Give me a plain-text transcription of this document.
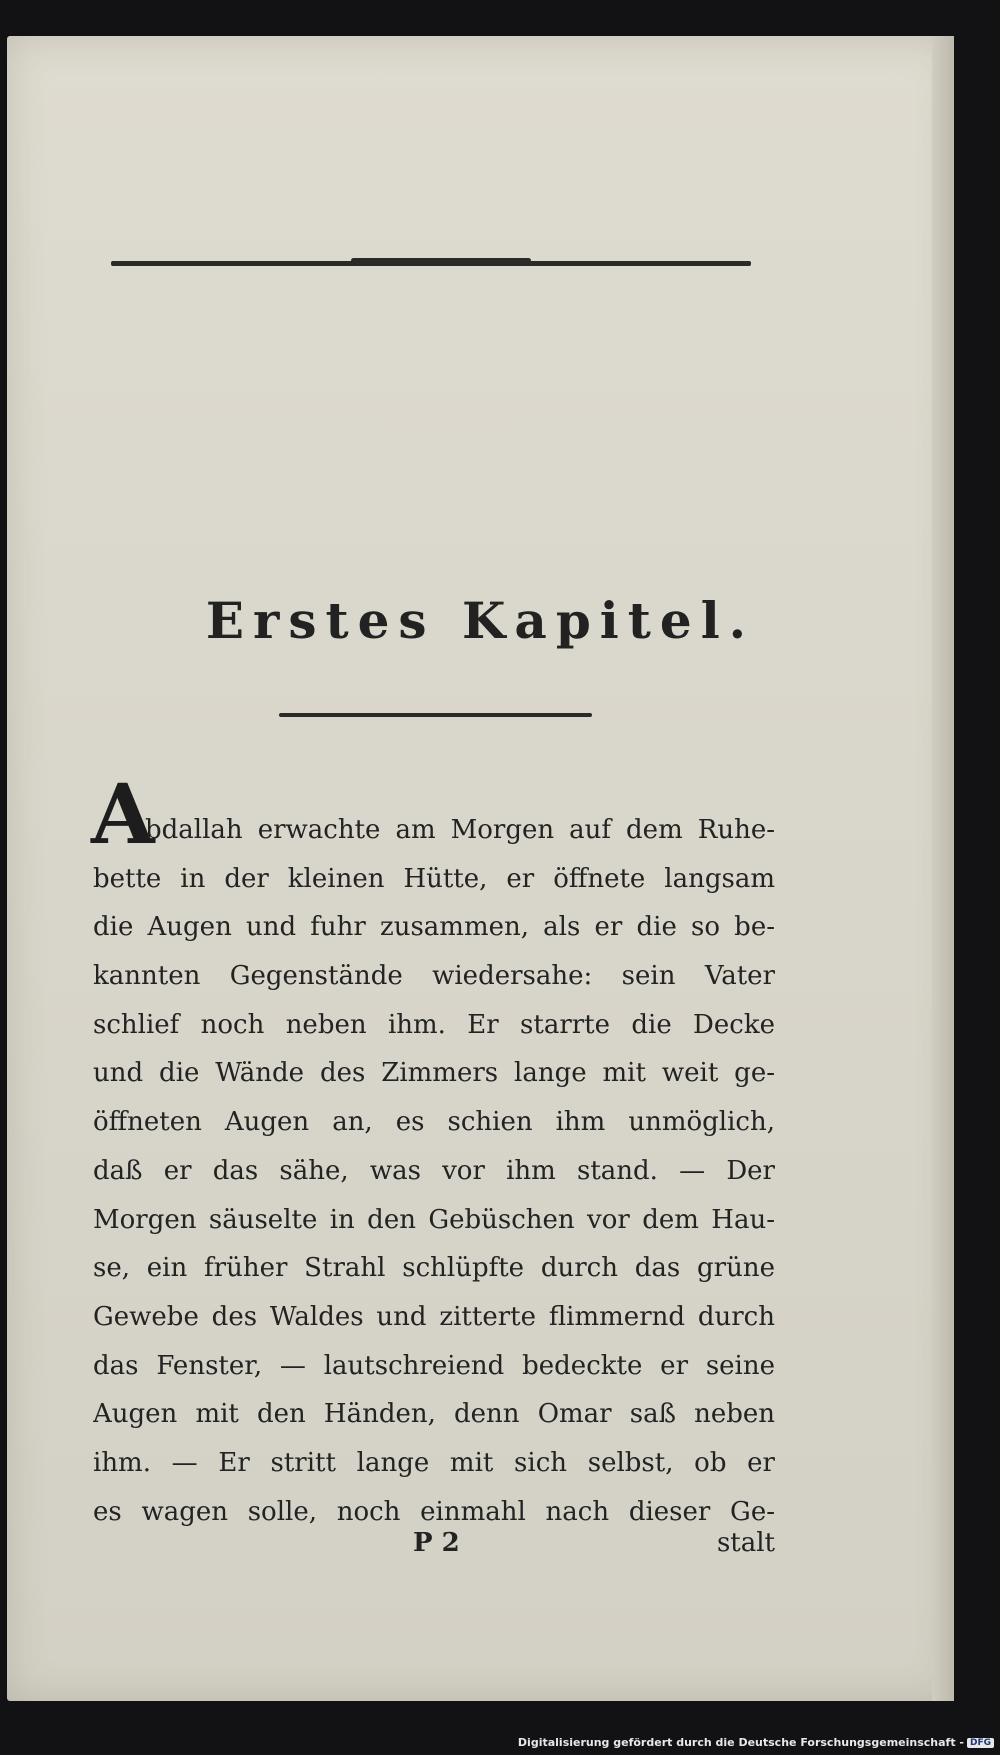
Erstes Kapitel.
A
bdallah erwachte am Morgen auf dem Ruhe-
bette in der kleinen Hütte, er öffnete langsam
die Augen und fuhr zusammen, als er die so be-
kannten Gegenstände wiedersahe: sein Vater
schlief noch neben ihm. Er starrte die Decke
und die Wände des Zimmers lange mit weit ge-
öffneten Augen an, es schien ihm unmöglich,
daß er das sähe, was vor ihm stand. — Der
Morgen säuselte in den Gebüschen vor dem Hau-
se, ein früher Strahl schlüpfte durch das grüne
Gewebe des Waldes und zitterte flimmernd durch
das Fenster, — lautschreiend bedeckte er seine
Augen mit den Händen, denn Omar saß neben
ihm. — Er stritt lange mit sich selbst, ob er
es wagen solle, noch einmahl nach dieser Ge-
P 2	stalt
Digitalisierung gefördert durch die Deutsche Forschungsgemeinschaft - DFG
